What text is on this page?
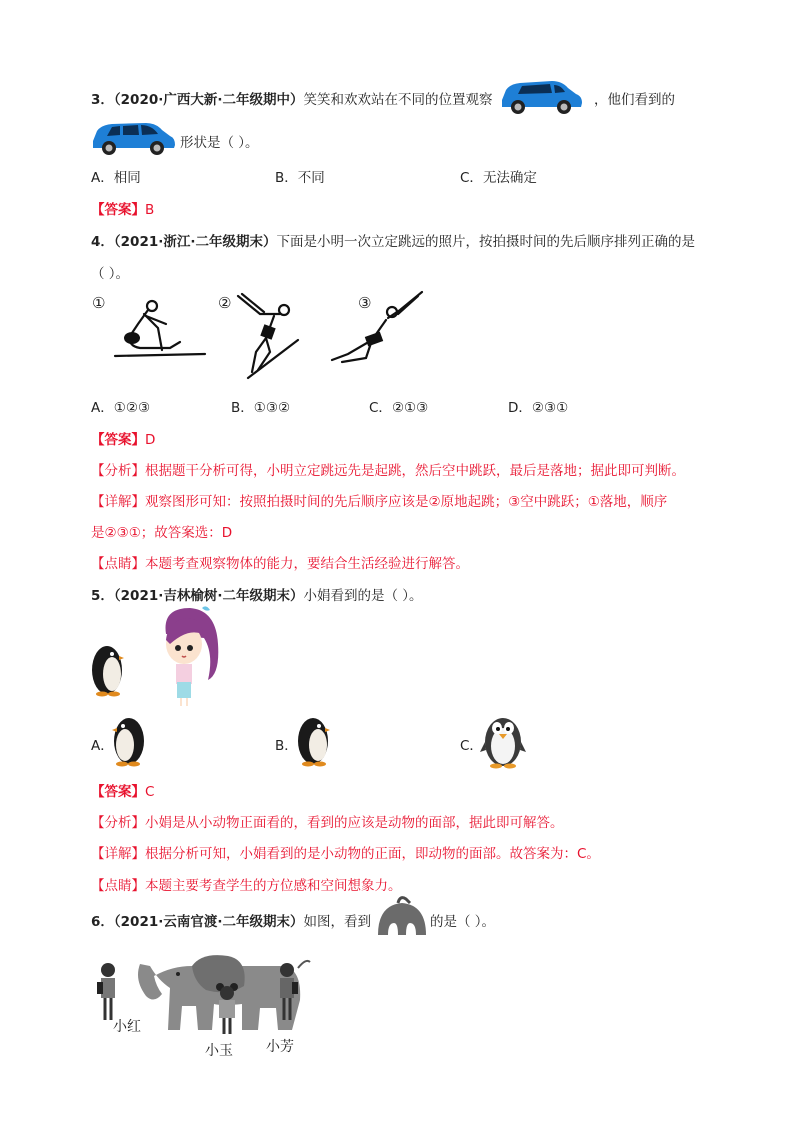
3．（2020·广西大新·二年级期中）笑笑和欢欢站在不同的位置观察	，他们看到的
形状是（ ）。
A．相同	B．不同	C．无法确定
【答案】B
4．（2021·浙江·二年级期末）下面是小明一次立定跳远的照片，按拍摄时间的先后顺序排列正确的是
（ ）。
①	②	③
A．①②③	B．①③②	C．②①③	D．②③①
【答案】D
【分析】根据题干分析可得，小明立定跳远先是起跳，然后空中跳跃，最后是落地；据此即可判断。
【详解】观察图形可知：按照拍摄时间的先后顺序应该是②原地起跳；③空中跳跃；①落地，顺序
是②③①；故答案选：D
【点睛】本题考查观察物体的能力，要结合生活经验进行解答。
5．（2021·吉林榆树·二年级期末）小娟看到的是（ ）。
A．	B．	C．
【答案】C
【分析】小娟是从小动物正面看的，看到的应该是动物的面部，据此即可解答。
【详解】根据分析可知，小娟看到的是小动物的正面，即动物的面部。故答案为：C。
【点睛】本题主要考查学生的方位感和空间想象力。
6．（2021·云南官渡·二年级期末）如图，看到	的是（ ）。
小红
小玉 小芳
